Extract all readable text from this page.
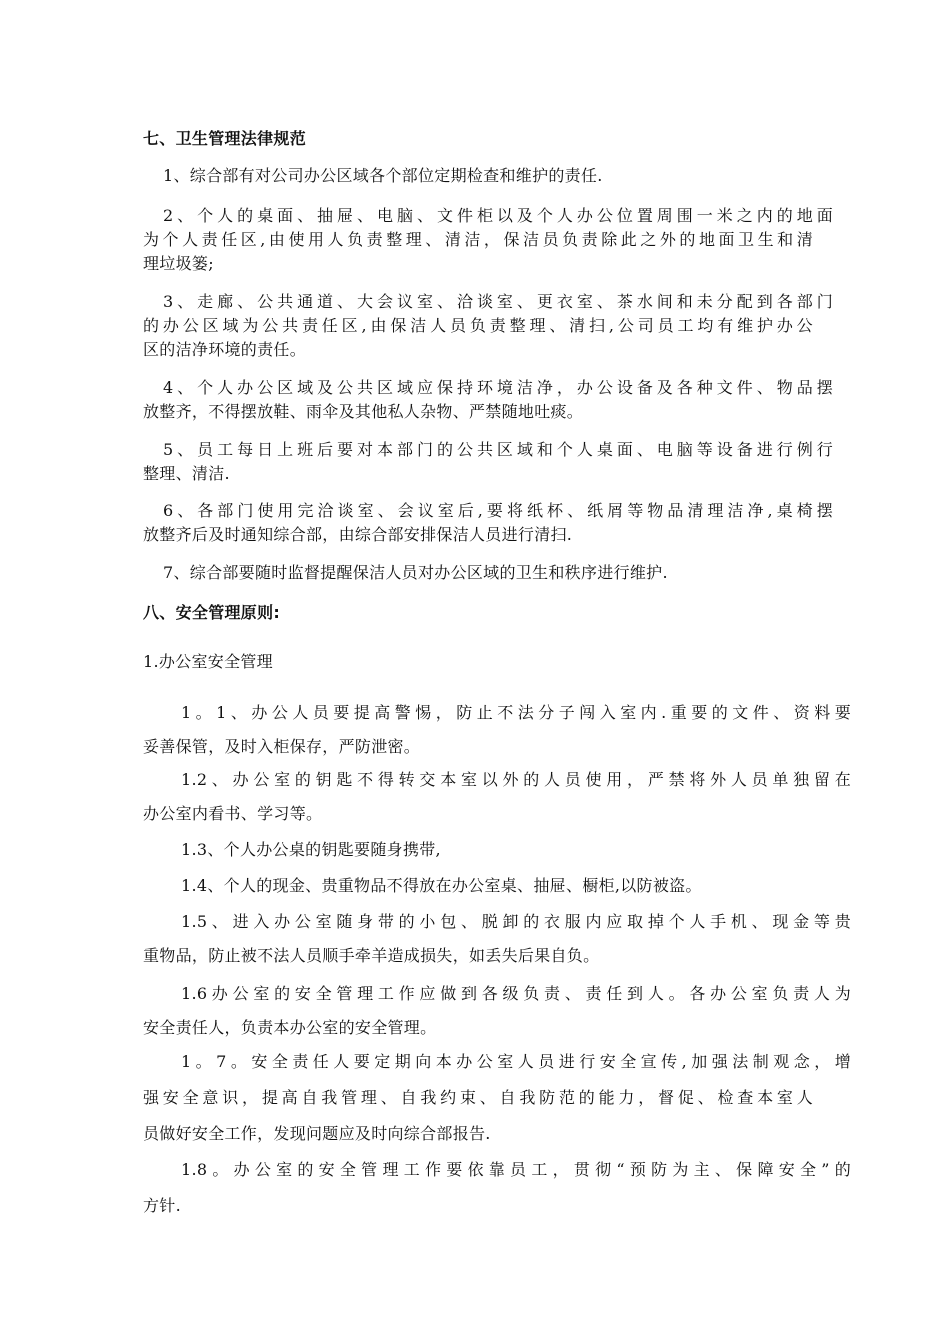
七、卫生管理法律规范
1、综合部有对公司办公区域各个部位定期检查和维护的责任.
2、个人的桌面、抽屉、电脑、文件柜以及个人办公位置周围一米之内的地面
为个人责任区,由使用人负责整理、清洁，保洁员负责除此之外的地面卫生和清
理垃圾篓;
3、走廊、公共通道、大会议室、洽谈室、更衣室、茶水间和未分配到各部门
的办公区域为公共责任区,由保洁人员负责整理、清扫,公司员工均有维护办公
区的洁净环境的责任。
4、个人办公区域及公共区域应保持环境洁净，办公设备及各种文件、物品摆
放整齐，不得摆放鞋、雨伞及其他私人杂物、严禁随地吐痰。
5、员工每日上班后要对本部门的公共区域和个人桌面、电脑等设备进行例行
整理、清洁.
6、各部门使用完洽谈室、会议室后,要将纸杯、纸屑等物品清理洁净,桌椅摆
放整齐后及时通知综合部，由综合部安排保洁人员进行清扫.
7、综合部要随时监督提醒保洁人员对办公区域的卫生和秩序进行维护.
八、安全管理原则:
1.办公室安全管理
1。1、办公人员要提高警惕，防止不法分子闯入室内.重要的文件、资料要
妥善保管，及时入柜保存，严防泄密。
1.2、办公室的钥匙不得转交本室以外的人员使用，严禁将外人员单独留在
办公室内看书、学习等。
1.3、个人办公桌的钥匙要随身携带,
1.4、个人的现金、贵重物品不得放在办公室桌、抽屉、橱柜,以防被盗。
1.5、进入办公室随身带的小包、脱卸的衣服内应取掉个人手机、现金等贵
重物品，防止被不法人员顺手牵羊造成损失，如丢失后果自负。
1.6办公室的安全管理工作应做到各级负责、责任到人。各办公室负责人为
安全责任人，负责本办公室的安全管理。
1。7。安全责任人要定期向本办公室人员进行安全宣传,加强法制观念，增
强安全意识，提高自我管理、自我约束、自我防范的能力，督促、检查本室人
员做好安全工作，发现问题应及时向综合部报告.
1.8。办公室的安全管理工作要依靠员工，贯彻“预防为主、保障安全”的
方针.
